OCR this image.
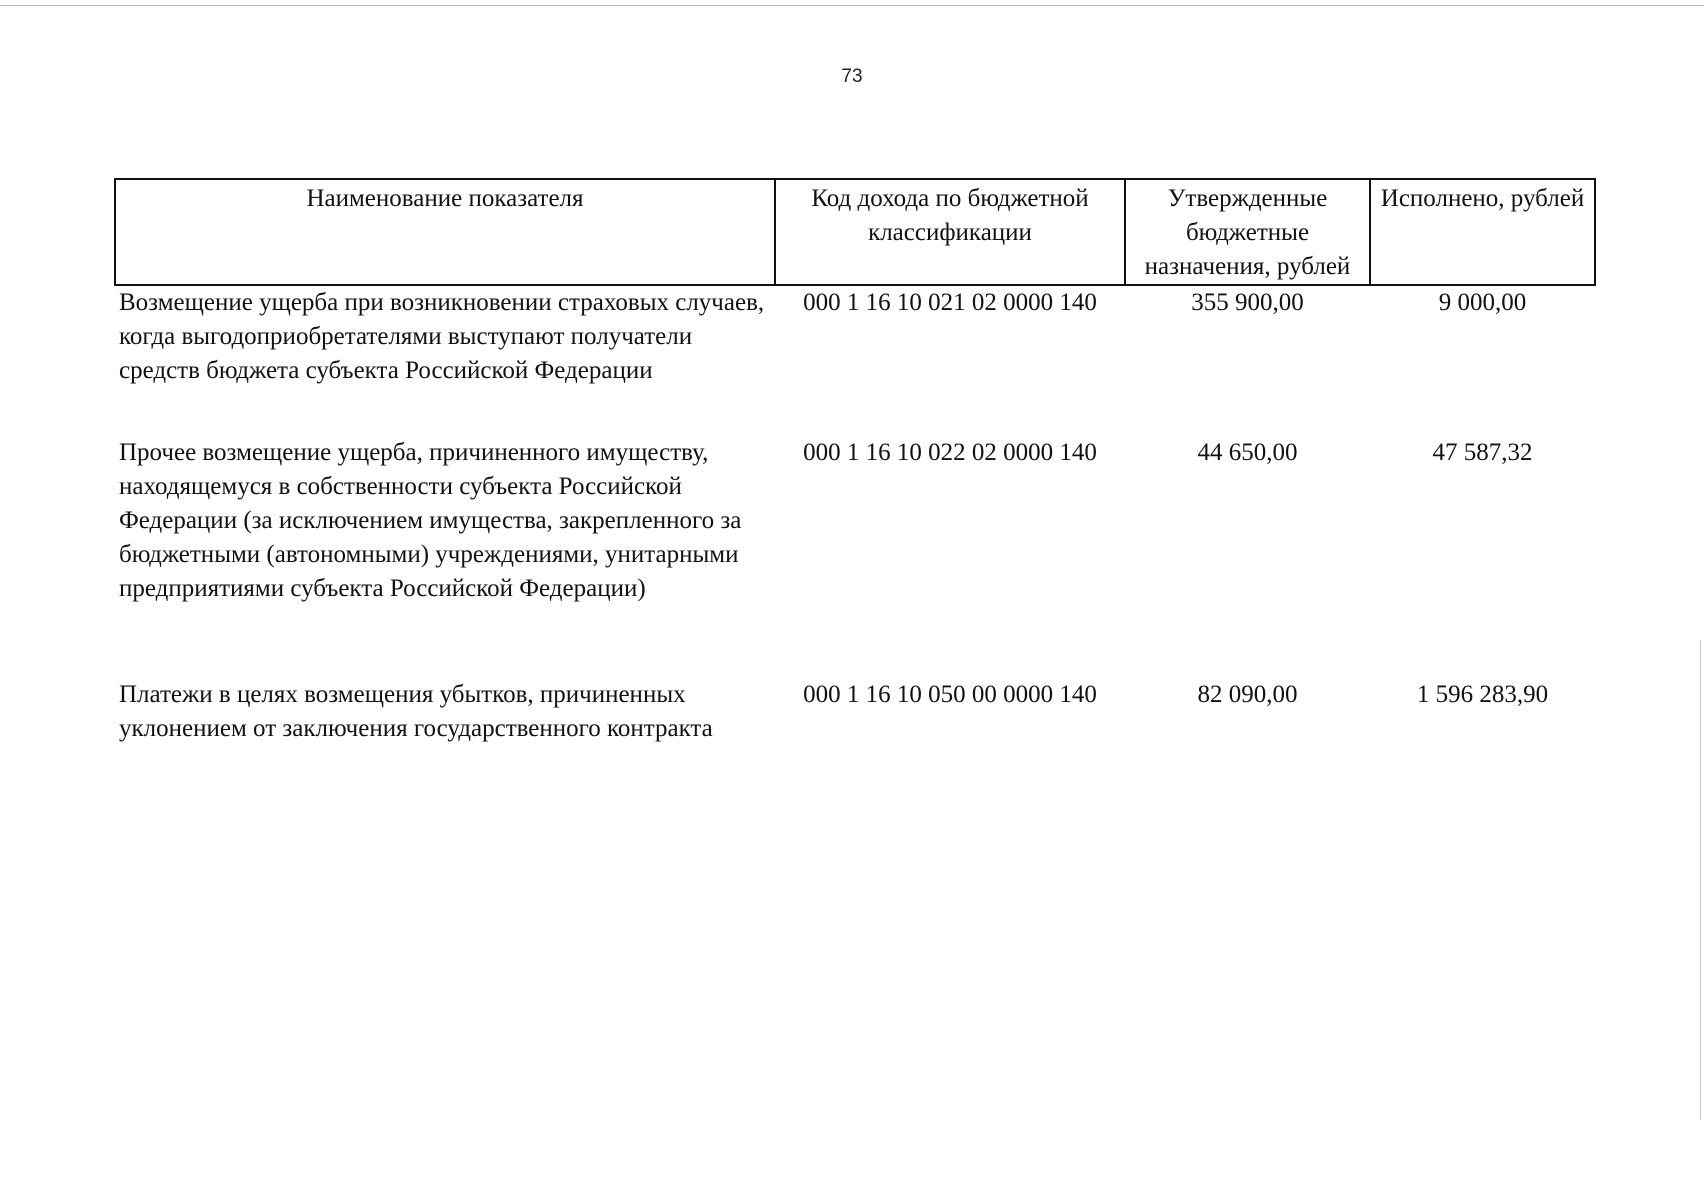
73
Наименование показателя	Код дохода по бюджетной классификации	Утвержденные бюджетные назначения, рублей	Исполнено, рублей
Возмещение ущерба при возникновении страховых случаев, когда выгодоприобретателями выступают получатели средств бюджета субъекта Российской Федерации	000 1 16 10 021 02 0000 140	355 900,00	9 000,00
Прочее возмещение ущерба, причиненного имуществу, находящемуся в собственности субъекта Российской Федерации (за исключением имущества, закрепленного за бюджетными (автономными) учреждениями, унитарными предприятиями субъекта Российской Федерации)	000 1 16 10 022 02 0000 140	44 650,00	47 587,32
Платежи в целях возмещения убытков, причиненных уклонением от заключения государственного контракта	000 1 16 10 050 00 0000 140	82 090,00	1 596 283,90
